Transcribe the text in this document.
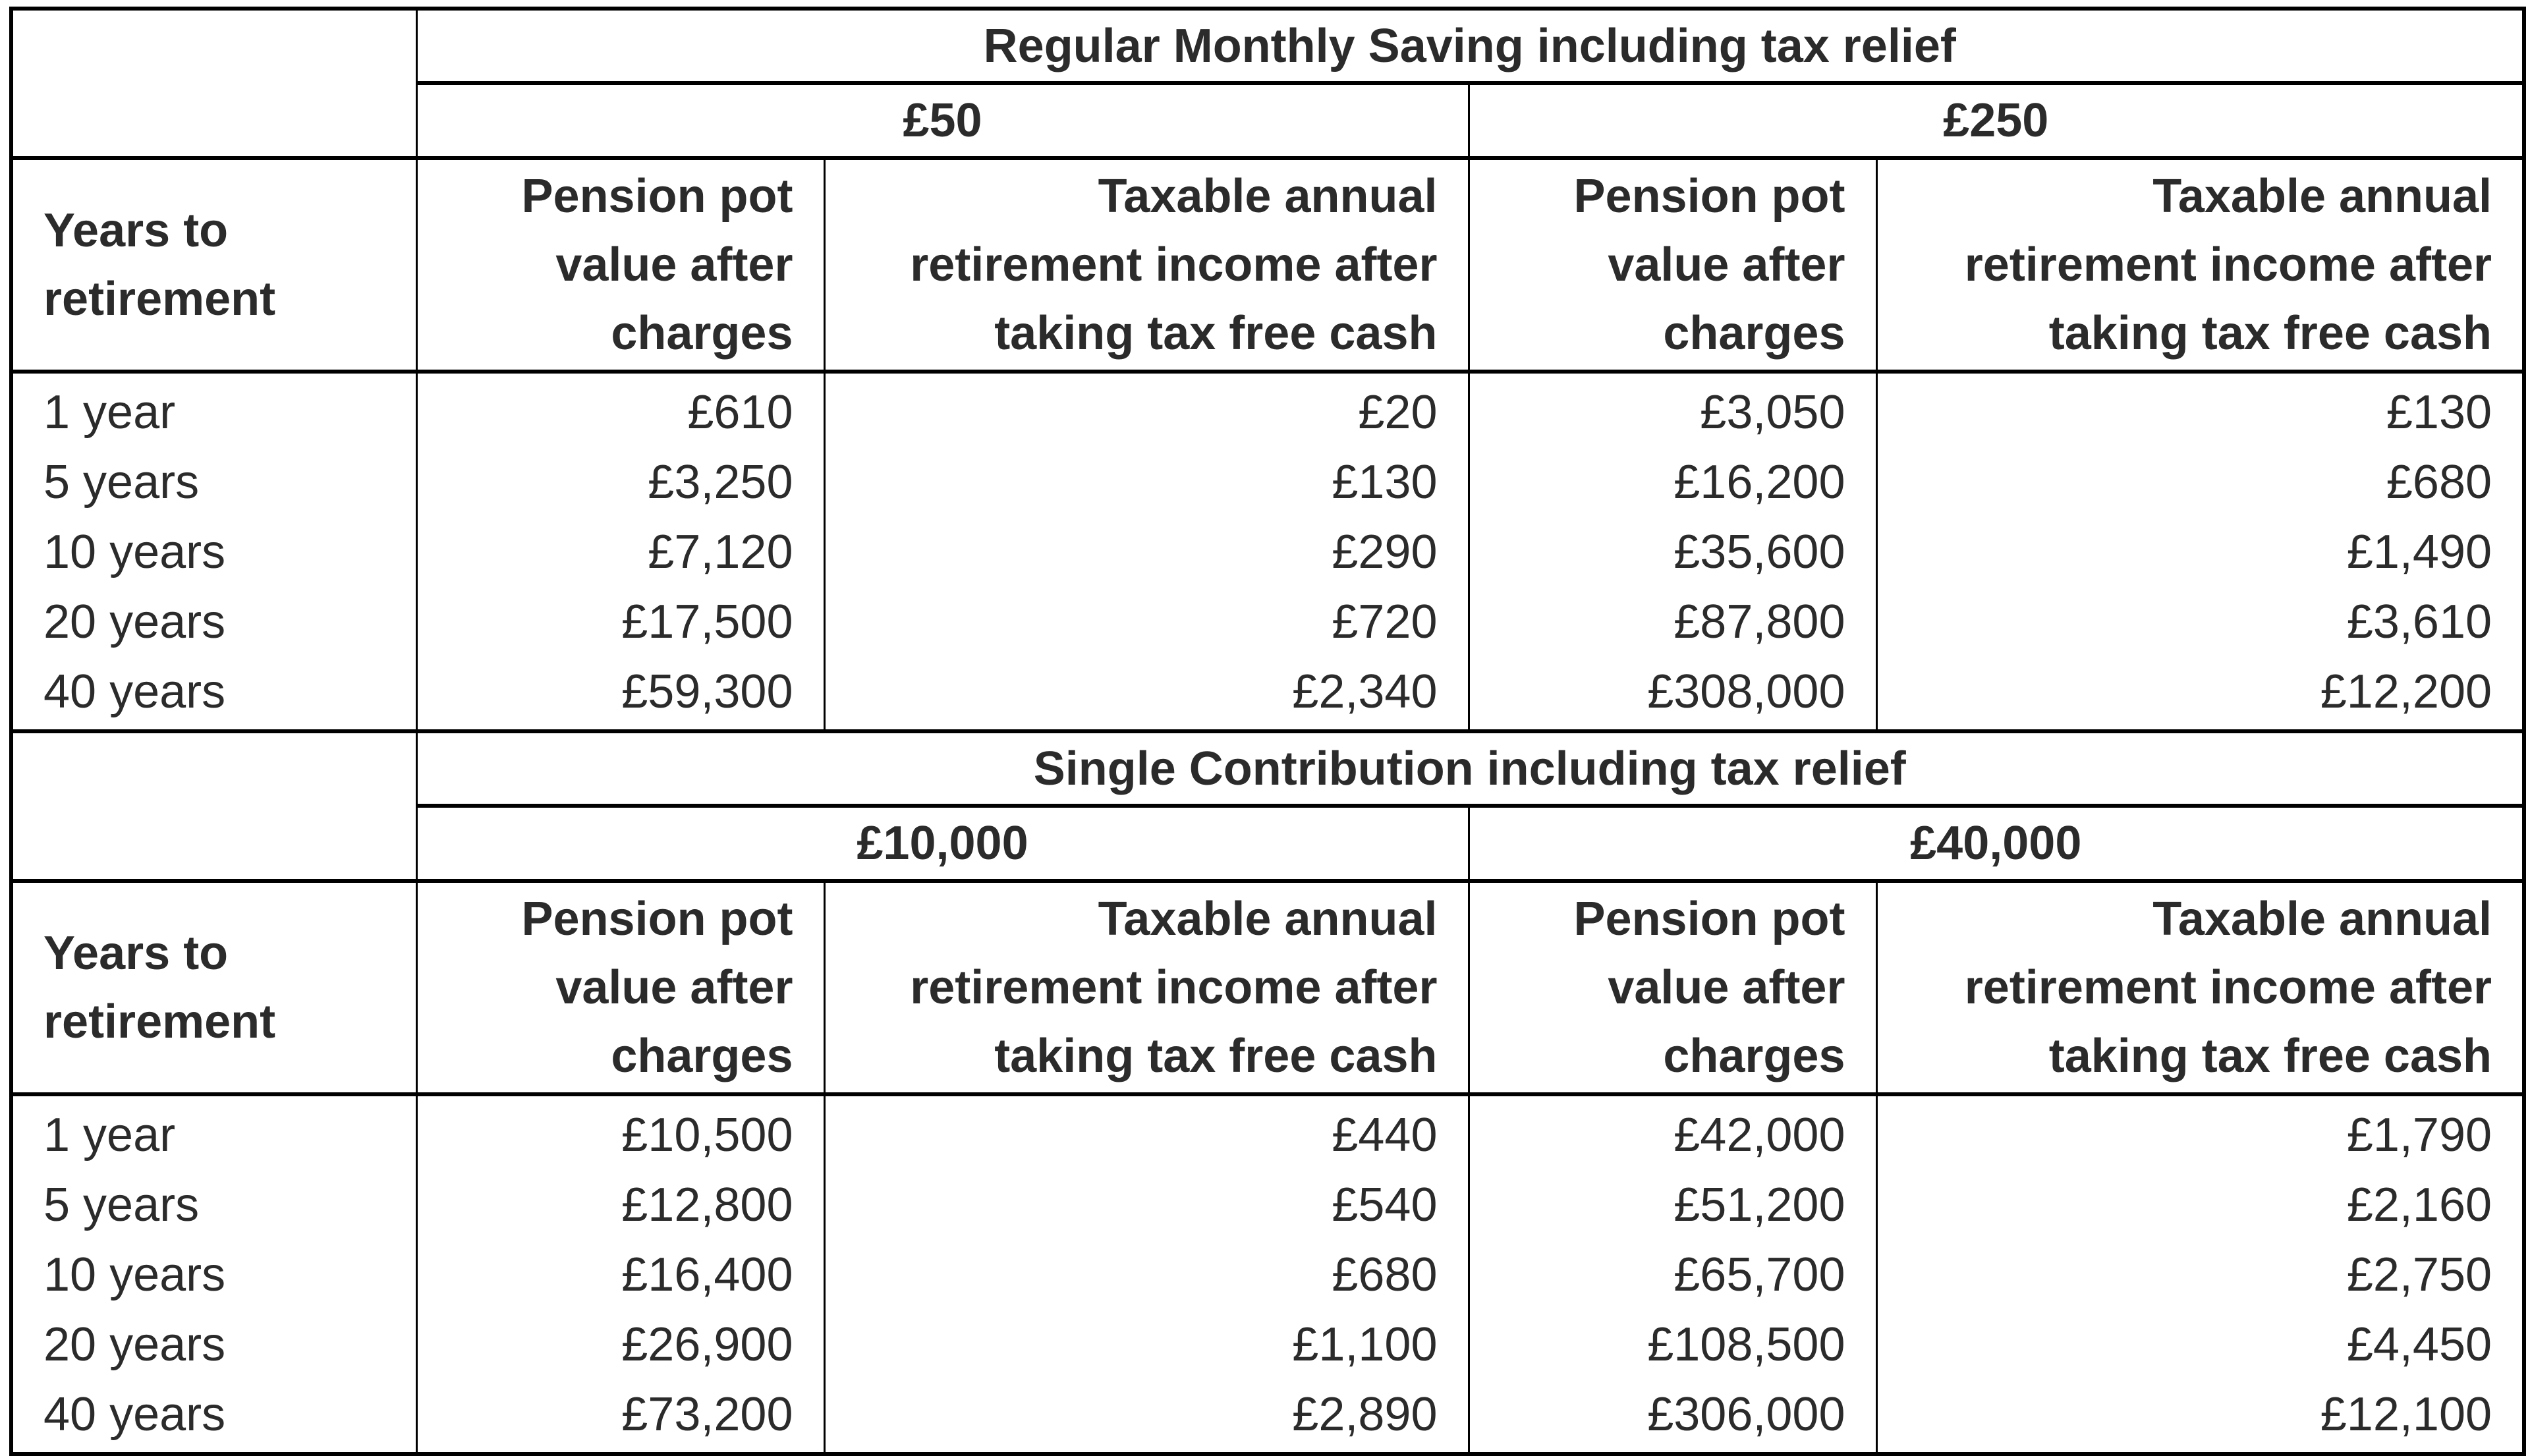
	Regular Monthly Saving including tax relief			
	£50		£250	
Years to retirement	Pension pot value after charges	Taxable annual retirement income after taking tax free cash	Pension pot value after charges	Taxable annual retirement income after taking tax free cash
1 year	£610	£20	£3,050	£130
5 years	£3,250	£130	£16,200	£680
10 years	£7,120	£290	£35,600	£1,490
20 years	£17,500	£720	£87,800	£3,610
40 years	£59,300	£2,340	£308,000	£12,200
	Single Contribution including tax relief			
	£10,000		£40,000	
Years to retirement	Pension pot value after charges	Taxable annual retirement income after taking tax free cash	Pension pot value after charges	Taxable annual retirement income after taking tax free cash
1 year	£10,500	£440	£42,000	£1,790
5 years	£12,800	£540	£51,200	£2,160
10 years	£16,400	£680	£65,700	£2,750
20 years	£26,900	£1,100	£108,500	£4,450
40 years	£73,200	£2,890	£306,000	£12,100
